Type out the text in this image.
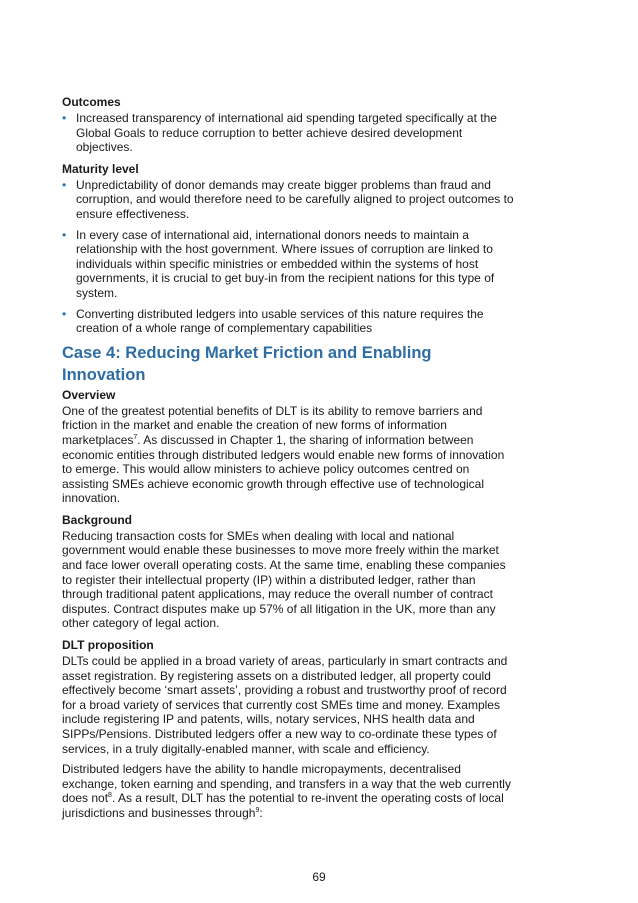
Outcomes

• Increased transparency of international aid spending targeted specifically at the Global Goals to reduce corruption to better achieve desired development objectives.

Maturity level

• Unpredictability of donor demands may create bigger problems than fraud and corruption, and would therefore need to be carefully aligned to project outcomes to ensure effectiveness.
• In every case of international aid, international donors needs to maintain a relationship with the host government. Where issues of corruption are linked to individuals within specific ministries or embedded within the systems of host governments, it is crucial to get buy-in from the recipient nations for this type of system.
• Converting distributed ledgers into usable services of this nature requires the creation of a whole range of complementary capabilities

Case 4: Reducing Market Friction and Enabling Innovation

Overview

One of the greatest potential benefits of DLT is its ability to remove barriers and friction in the market and enable the creation of new forms of information marketplaces$^7$. As discussed in Chapter 1, the sharing of information between economic entities through distributed ledgers would enable new forms of innovation to emerge. This would allow ministers to achieve policy outcomes centred on assisting SMEs achieve economic growth through effective use of technological innovation.

Background

Reducing transaction costs for SMEs when dealing with local and national government would enable these businesses to move more freely within the market and face lower overall operating costs. At the same time, enabling these companies to register their intellectual property (IP) within a distributed ledger, rather than through traditional patent applications, may reduce the overall number of contract disputes. Contract disputes make up 57% of all litigation in the UK, more than any other category of legal action.

DLT proposition

DLTs could be applied in a broad variety of areas, particularly in smart contracts and asset registration. By registering assets on a distributed ledger, all property could effectively become ‘smart assets’, providing a robust and trustworthy proof of record for a broad variety of services that currently cost SMEs time and money. Examples include registering IP and patents, wills, notary services, NHS health data and SIPPs/Pensions. Distributed ledgers offer a new way to co-ordinate these types of services, in a truly digitally-enabled manner, with scale and efficiency.

Distributed ledgers have the ability to handle micropayments, decentralised exchange, token earning and spending, and transfers in a way that the web currently does not$^8$. As a result, DLT has the potential to re-invent the operating costs of local jurisdictions and businesses through$^9$:

69
